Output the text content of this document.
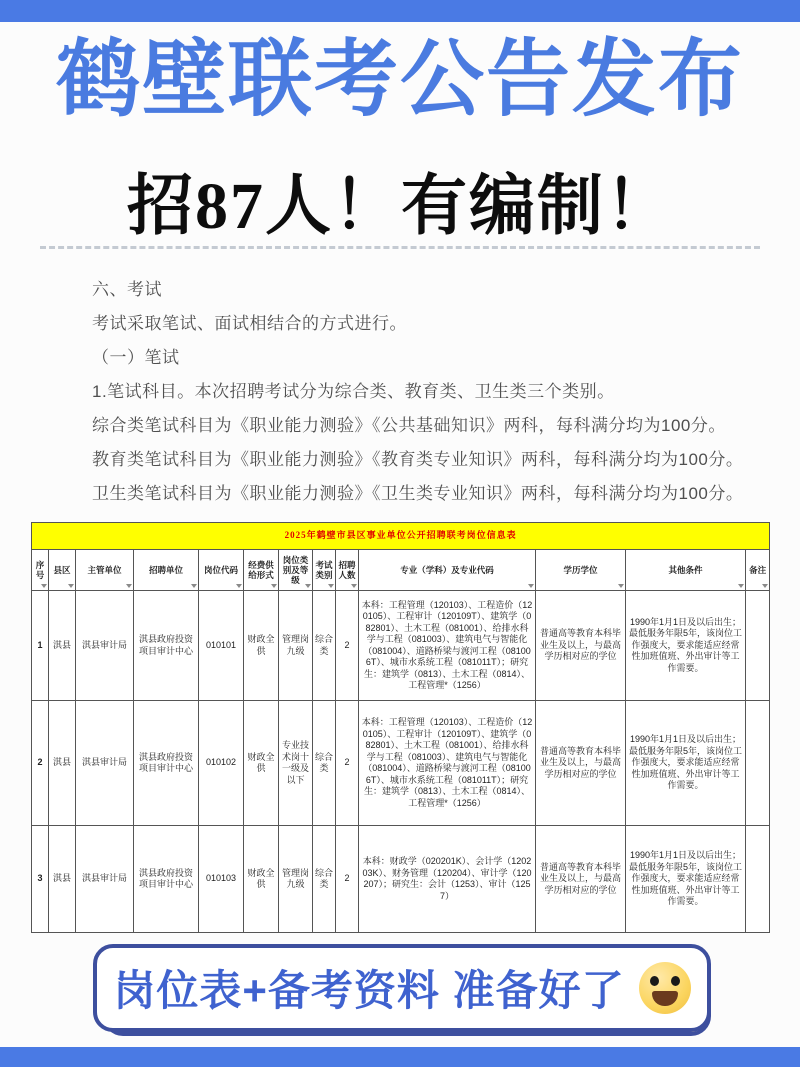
鹤壁联考公告发布
招87人！有编制！

六、考试

考试采取笔试、面试相结合的方式进行。

（一）笔试

1.笔试科目。本次招聘考试分为综合类、教育类、卫生类三个类别。

综合类笔试科目为《职业能力测验》《公共基础知识》两科，每科满分均为100分。

教育类笔试科目为《职业能力测验》《教育类专业知识》两科，每科满分均为100分。

卫生类笔试科目为《职业能力测验》《卫生类专业知识》两科，每科满分均为100分。

2025年鹤壁市县区事业单位公开招聘联考岗位信息表												
序号	县区	主管单位	招聘单位	岗位代码	经费供给形式	岗位类别及等级	考试类别	招聘人数	专业（学科）及专业代码	学历学位	其他条件	备注

1	淇县	淇县审计局	淇县政府投资项目审计中心	010101	财政全供	管理岗九级	综合类	2	本科：工程管理（120103）、工程造价（120105）、工程审计（120109T）、建筑学（082801）、土木工程（081001）、给排水科学与工程（081003）、建筑电气与智能化（081004）、道路桥梁与渡河工程（081006T）、城市水系统工程（081011T）；研究生：建筑学（0813）、土木工程（0814）、工程管理*（1256）	普通高等教育本科毕业生及以上，与最高学历相对应的学位	1990年1月1日及以后出生；最低服务年限5年，该岗位工作强度大，要求能适应经常性加班值班、外出审计等工作需要。	
2	淇县	淇县审计局	淇县政府投资项目审计中心	010102	财政全供	专业技术岗十一级及以下	综合类	2	本科：工程管理（120103）、工程造价（120105）、工程审计（120109T）、建筑学（082801）、土木工程（081001）、给排水科学与工程（081003）、建筑电气与智能化（081004）、道路桥梁与渡河工程（081006T）、城市水系统工程（081011T）；研究生：建筑学（0813）、土木工程（0814）、工程管理*（1256）	普通高等教育本科毕业生及以上，与最高学历相对应的学位	1990年1月1日及以后出生；最低服务年限5年，该岗位工作强度大，要求能适应经常性加班值班、外出审计等工作需要。	
3	淇县	淇县审计局	淇县政府投资项目审计中心	010103	财政全供	管理岗九级	综合类	2	本科：财政学（020201K）、会计学（120203K）、财务管理（120204）、审计学（120207）；研究生：会计（1253）、审计（1257）	普通高等教育本科毕业生及以上，与最高学历相对应的学位	1990年1月1日及以后出生；最低服务年限5年，该岗位工作强度大，要求能适应经常性加班值班、外出审计等工作需要。	
岗位表+备考资料 准备好了
